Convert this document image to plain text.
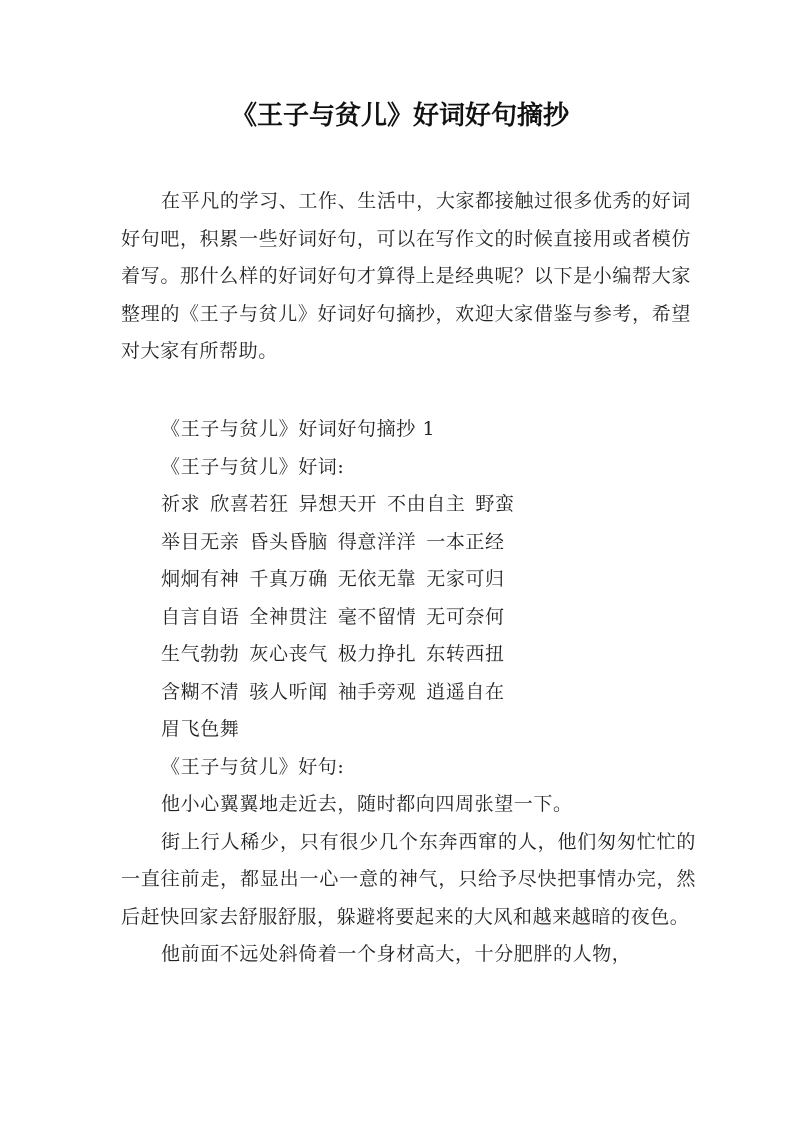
《王子与贫儿》好词好句摘抄

在平凡的学习、工作、生活中，大家都接触过很多优秀的好词好句吧，积累一些好词好句，可以在写作文的时候直接用或者模仿着写。那什么样的好词好句才算得上是经典呢？以下是小编帮大家整理的《王子与贫儿》好词好句摘抄，欢迎大家借鉴与参考，希望对大家有所帮助。

《王子与贫儿》好词好句摘抄 1

《王子与贫儿》好词:

祈求 欣喜若狂 异想天开 不由自主 野蛮

举目无亲 昏头昏脑 得意洋洋 一本正经

炯炯有神 千真万确 无依无靠 无家可归

自言自语 全神贯注 毫不留情 无可奈何

生气勃勃 灰心丧气 极力挣扎 东转西扭

含糊不清 骇人听闻 袖手旁观 逍遥自在

眉飞色舞

《王子与贫儿》好句:

他小心翼翼地走近去，随时都向四周张望一下。

街上行人稀少，只有很少几个东奔西窜的人，他们匆匆忙忙的一直往前走，都显出一心一意的神气，只给予尽快把事情办完，然后赶快回家去舒服舒服，躲避将要起来的大风和越来越暗的夜色。

他前面不远处斜倚着一个身材高大，十分肥胖的人物，
